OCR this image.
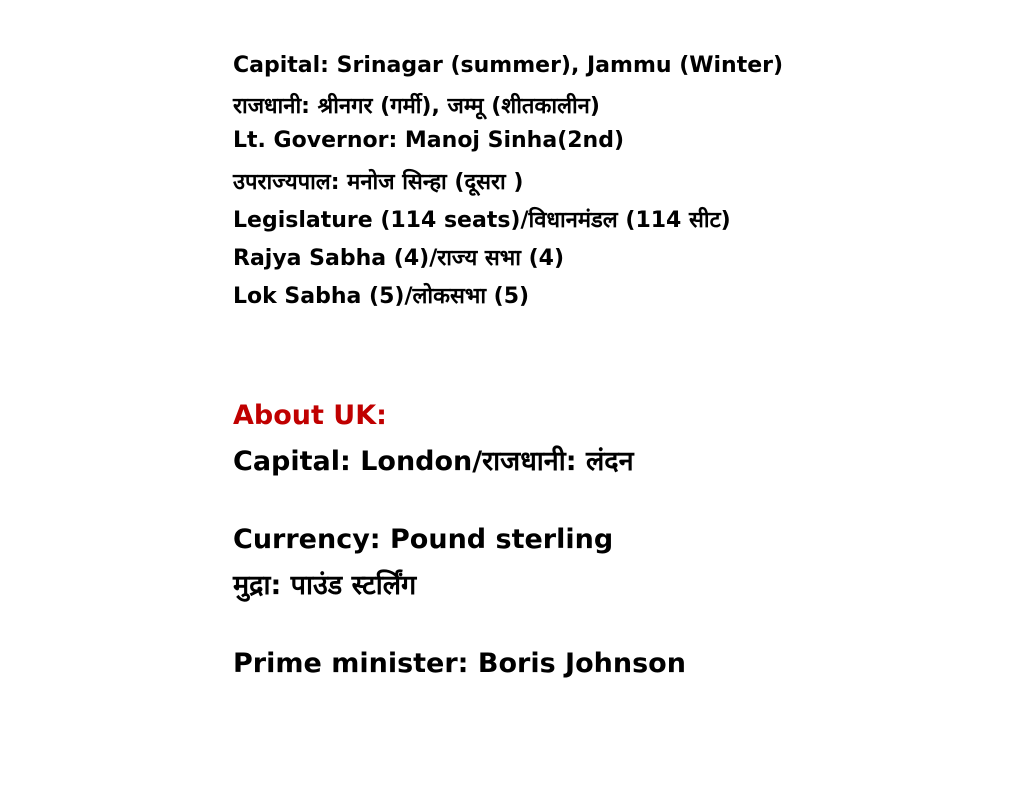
Capital: Srinagar (summer), Jammu (Winter)
राजधानी: श्रीनगर (गर्मी), जम्मू (शीतकालीन)
Lt. Governor: Manoj Sinha(2nd)
उपराज्यपाल: मनोज सिन्हा (दूसरा )
Legislature (114 seats)/विधानमंडल (114 सीट)
Rajya Sabha (4)/राज्य सभा (4)
Lok Sabha (5)/लोकसभा (5)
About UK:
Capital: London/राजधानी: लंदन
Currency: Pound sterling
मुद्रा: पाउंड स्टर्लिंग
Prime minister: Boris Johnson
